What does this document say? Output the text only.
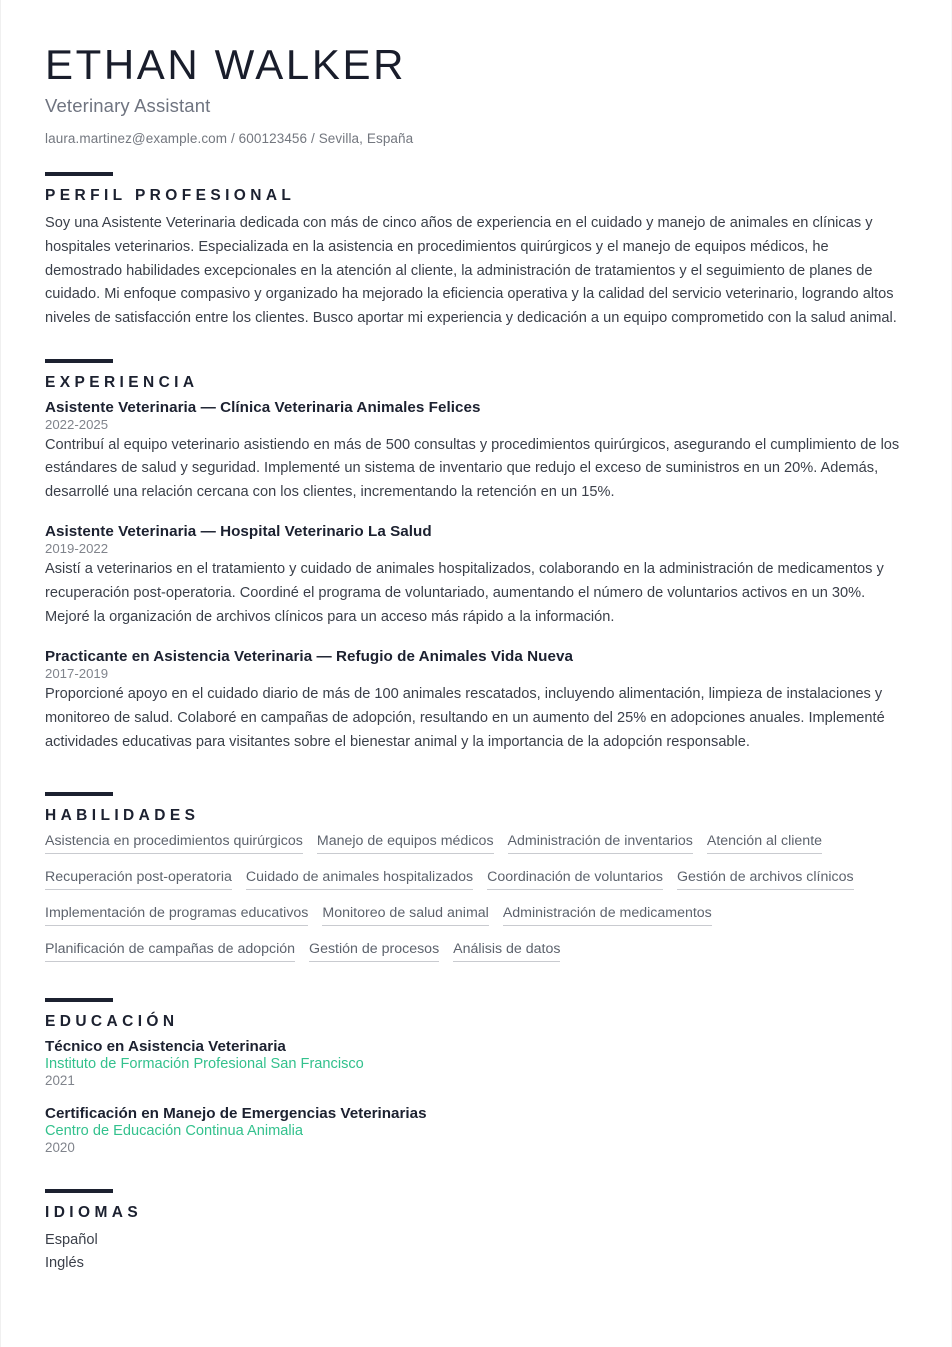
ETHAN WALKER
Veterinary Assistant
laura.martinez@example.com / 600123456 / Sevilla, España
PERFIL PROFESIONAL

Soy una Asistente Veterinaria dedicada con más de cinco años de experiencia en el cuidado y manejo de animales en clínicas y hospitales veterinarios. Especializada en la asistencia en procedimientos quirúrgicos y el manejo de equipos médicos, he demostrado habilidades excepcionales en la atención al cliente, la administración de tratamientos y el seguimiento de planes de cuidado. Mi enfoque compasivo y organizado ha mejorado la eficiencia operativa y la calidad del servicio veterinario, logrando altos niveles de satisfacción entre los clientes. Busco aportar mi experiencia y dedicación a un equipo comprometido con la salud animal.

EXPERIENCIA
Asistente Veterinaria — Clínica Veterinaria Animales Felices
2022-2025

Contribuí al equipo veterinario asistiendo en más de 500 consultas y procedimientos quirúrgicos, asegurando el cumplimiento de los estándares de salud y seguridad. Implementé un sistema de inventario que redujo el exceso de suministros en un 20%. Además, desarrollé una relación cercana con los clientes, incrementando la retención en un 15%.

Asistente Veterinaria — Hospital Veterinario La Salud
2019-2022

Asistí a veterinarios en el tratamiento y cuidado de animales hospitalizados, colaborando en la administración de medicamentos y recuperación post-operatoria. Coordiné el programa de voluntariado, aumentando el número de voluntarios activos en un 30%. Mejoré la organización de archivos clínicos para un acceso más rápido a la información.

Practicante en Asistencia Veterinaria — Refugio de Animales Vida Nueva
2017-2019

Proporcioné apoyo en el cuidado diario de más de 100 animales rescatados, incluyendo alimentación, limpieza de instalaciones y monitoreo de salud. Colaboré en campañas de adopción, resultando en un aumento del 25% en adopciones anuales. Implementé actividades educativas para visitantes sobre el bienestar animal y la importancia de la adopción responsable.

HABILIDADES
Asistencia en procedimientos quirúrgicos Manejo de equipos médicos Administración de inventarios Atención al cliente
Recuperación post-operatoria Cuidado de animales hospitalizados Coordinación de voluntarios Gestión de archivos clínicos
Implementación de programas educativos Monitoreo de salud animal Administración de medicamentos
Planificación de campañas de adopción Gestión de procesos Análisis de datos
EDUCACIÓN
Técnico en Asistencia Veterinaria
Instituto de Formación Profesional San Francisco
2021
Certificación en Manejo de Emergencias Veterinarias
Centro de Educación Continua Animalia
2020
IDIOMAS

Español

Inglés
